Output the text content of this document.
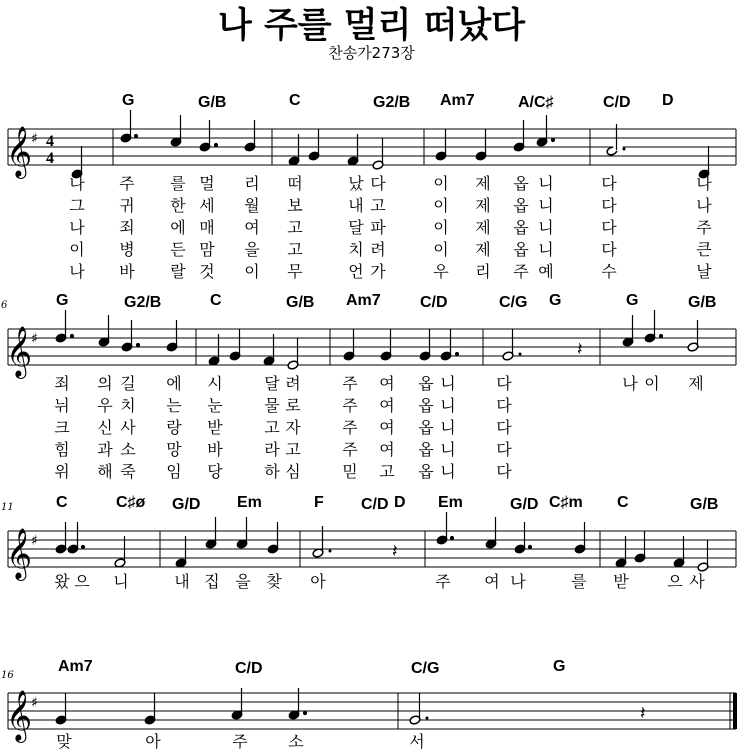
나 주를 멀리 떠났다
찬송가273장
G	G/B	C	G2/B Am7	A/C♯	C/D D
𝄞
♯ 4
4
나 주 를 멀 리 떠	났 다	이 제 옵 니	다	나
그 귀 한 세 월 보	내 고	이 제 옵 니	다	나
나 죄 에 매 여 고	달 파	이 제 옵 니	다	주
이 병 든 맘 을 고	치 려	이 제 옵 니	다	큰
나 바 랄 것 이 무	언 가	우 리 주 예	수	날
6	G	G2/B	C	G/B Am7 C/D	C/G G	G	G/B
𝄞
♯	𝄽
죄 의 길 에 시	달 려	주 여 옵 니	다	나 이 제
뉘 우 치 는 눈	물 로	주 여 옵 니	다
크 신 사 랑 받	고 자	주 여 옵 니	다
힘 과 소 망 바	라 고	주 여 옵 니	다
위 해 죽 임 당	하 심	믿 고 옵 니	다
11	C	C♯ø G/D Em	F C/D D Em	G/D C♯m C	G/B
𝄞
♯	𝄽
왔 으 니	내 집 을 찾 아	주 여 나	를 받 으 사
16
Am7	C/D	C/G	G
𝄞
♯	𝄽
맞	아	주	소	서
